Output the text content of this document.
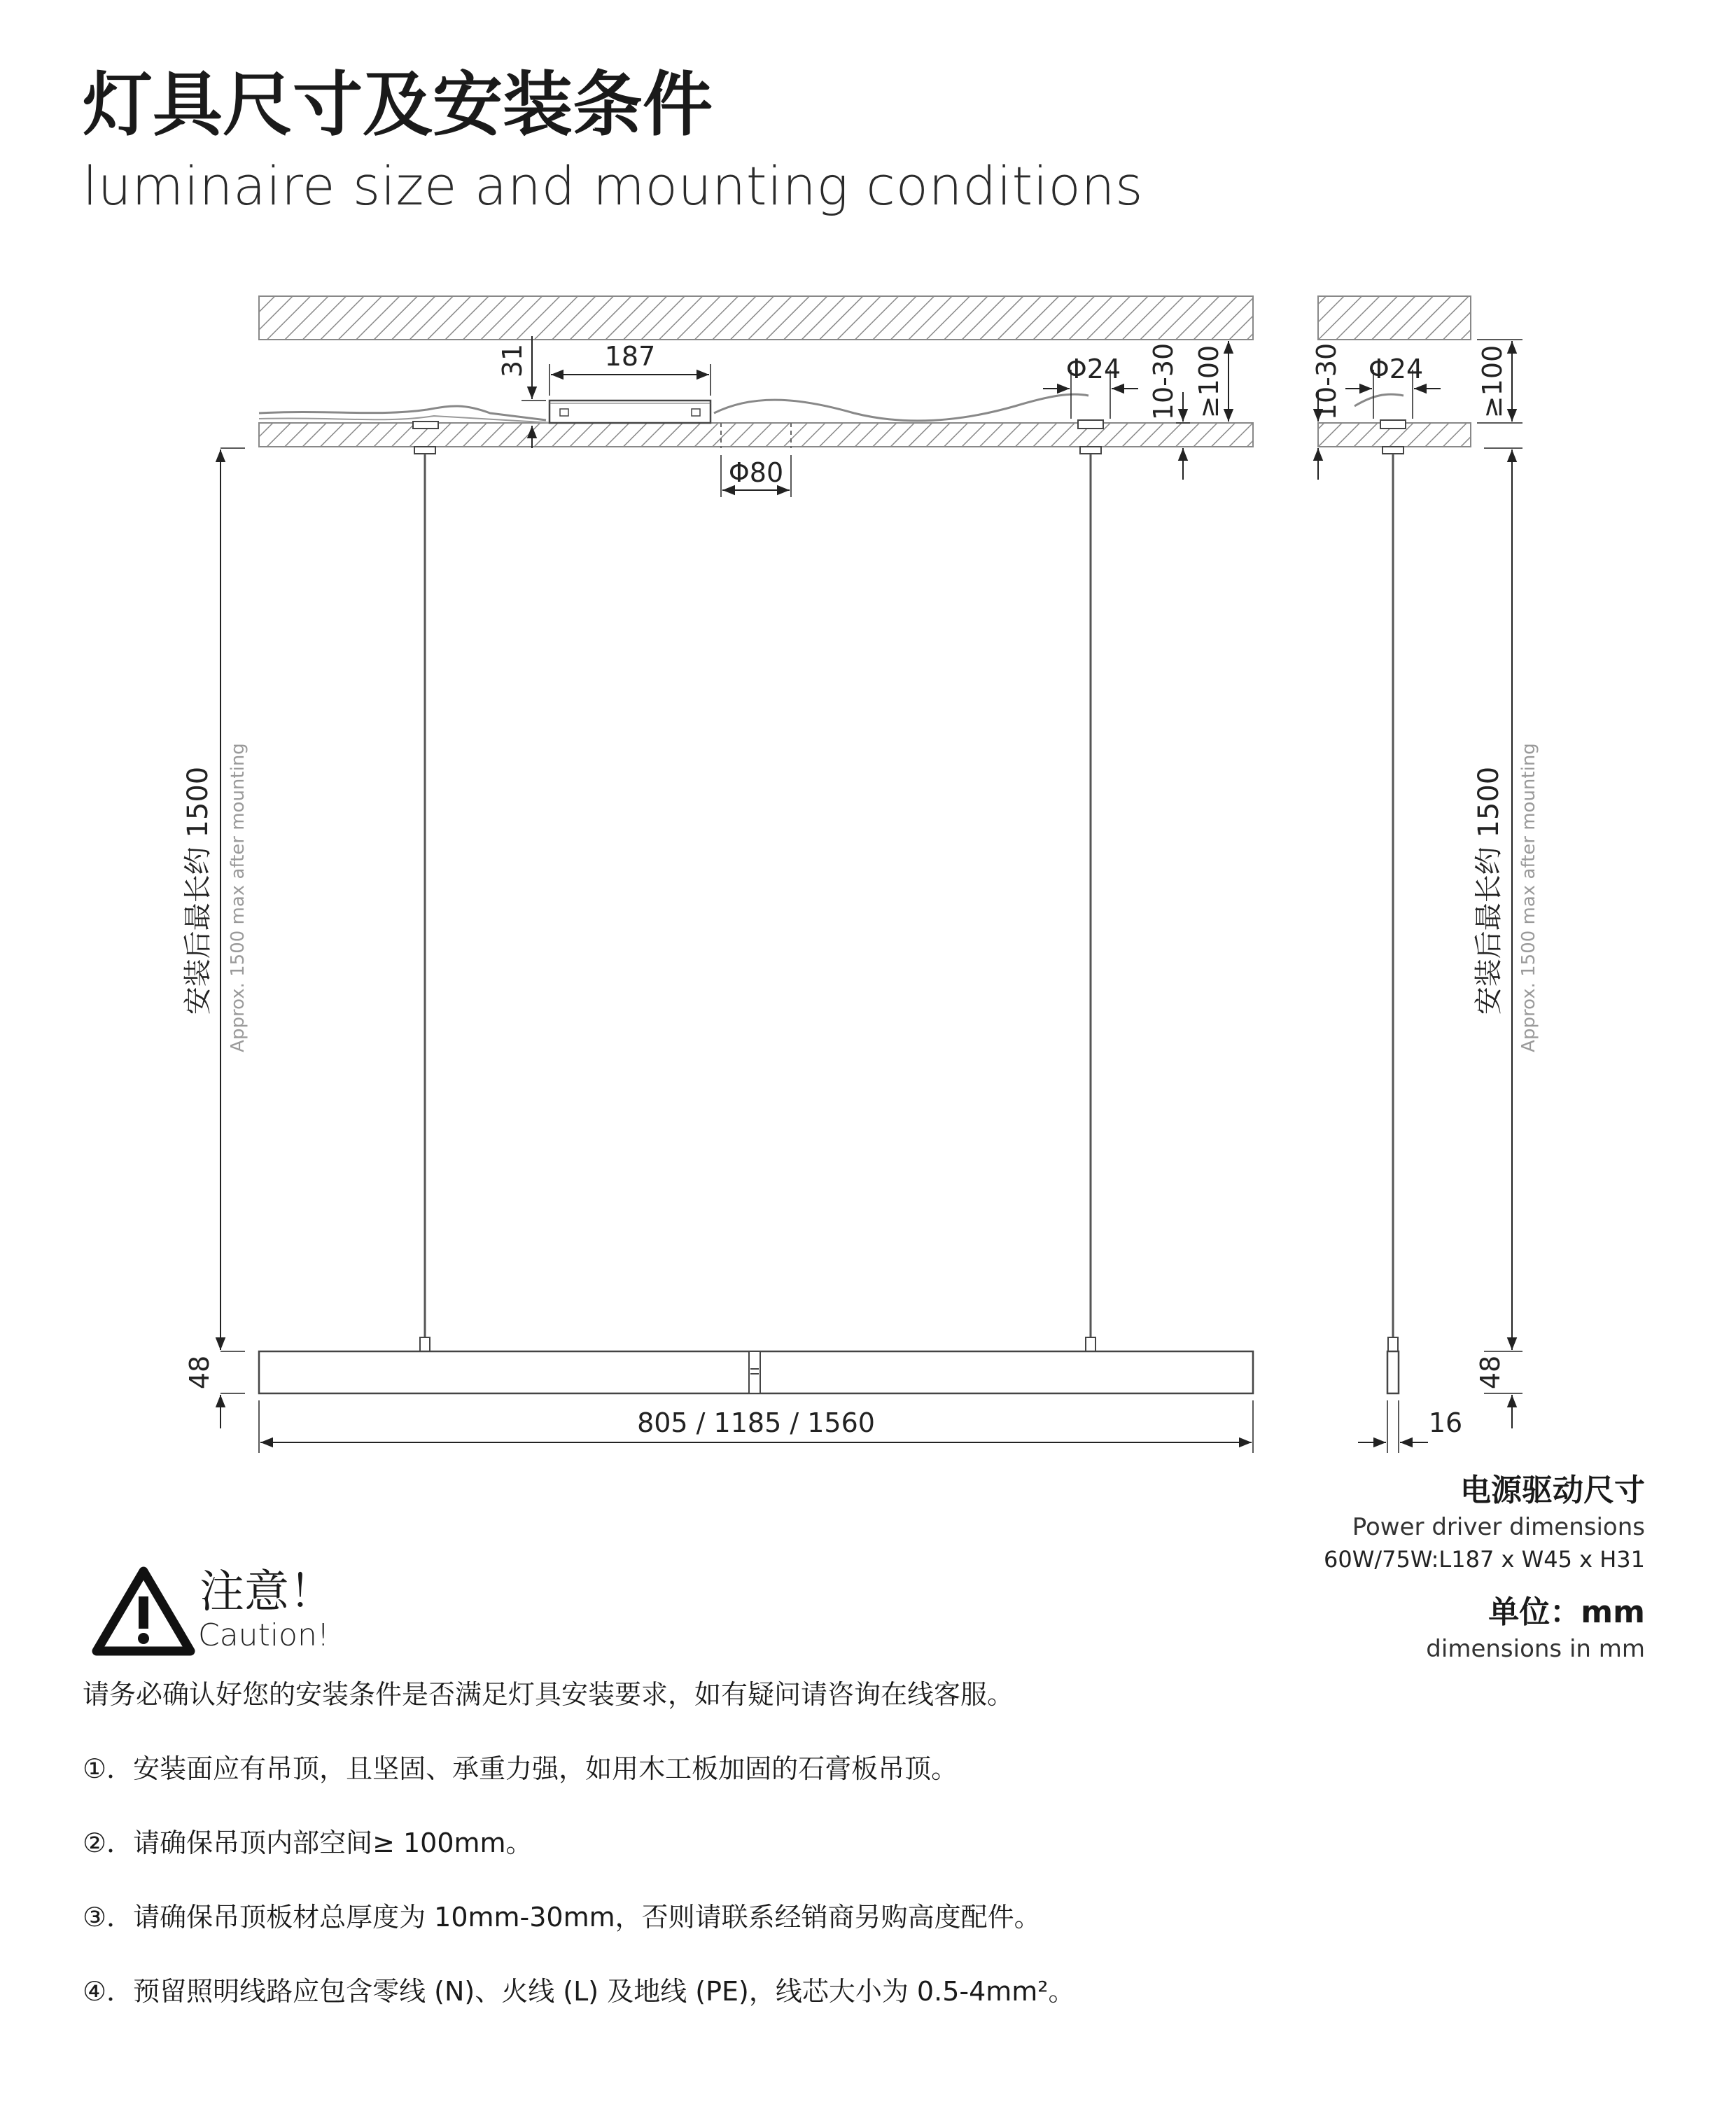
灯具尺寸及安装条件
luminaire size and mounting conditions
31	187	Φ24 10-30 ≥100
Φ80
安装后最长约 1500 Approx. 1500 max after mounting
48
805 / 1185 / 1560
10-30 Φ24 ≥100
安装后最长约 1500 Approx. 1500 max after mounting
48
16
电源驱动尺寸
Power driver dimensions
60W/75W:L187 x W45 x H31
单位：mm
dimensions in mm
注意！
Caution!

请务必确认好您的安装条件是否满足灯具安装要求，如有疑问请咨询在线客服。

①．安装面应有吊顶，且坚固、承重力强，如用木工板加固的石膏板吊顶。

②．请确保吊顶内部空间≥ 100mm。

③．请确保吊顶板材总厚度为 10mm-30mm，否则请联系经销商另购高度配件。

④．预留照明线路应包含零线 (N)、火线 (L) 及地线 (PE)，线芯大小为 0.5-4mm²。
